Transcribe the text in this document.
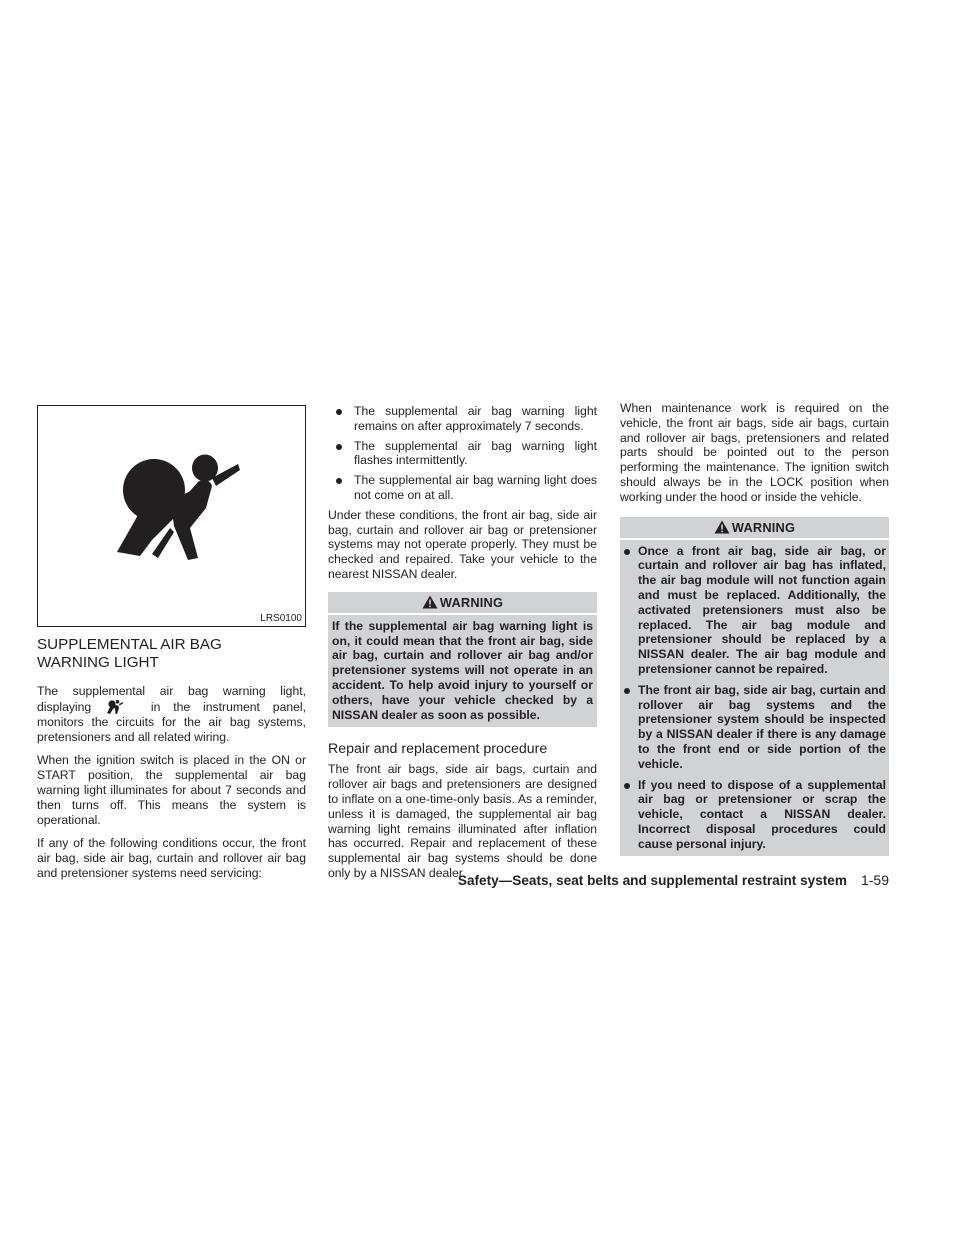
LRS0100
SUPPLEMENTAL AIR BAG
WARNING LIGHT

The supplemental air bag warning light, displaying	in the instrument panel, monitors the circuits for the air bag systems, pretensioners and all related wiring.

When the ignition switch is placed in the ON or START position, the supplemental air bag warning light illuminates for about 7 seconds and then turns off. This means the system is operational.

If any of the following conditions occur, the front air bag, side air bag, curtain and rollover air bag and pretensioner systems need servicing:

The supplemental air bag warning light remains on after approximately 7 seconds.
The supplemental air bag warning light flashes intermittently.
The supplemental air bag warning light does not come on at all.

Under these conditions, the front air bag, side air bag, curtain and rollover air bag or pretensioner systems may not operate properly. They must be checked and repaired. Take your vehicle to the nearest NISSAN dealer.

WARNING
If the supplemental air bag warning light is on, it could mean that the front air bag, side air bag, curtain and rollover air bag and/or pretensioner systems will not operate in an accident. To help avoid injury to yourself or others, have your vehicle checked by a NISSAN dealer as soon as possible.
Repair and replacement procedure

The front air bags, side air bags, curtain and rollover air bags and pretensioners are designed to inflate on a one-time-only basis. As a reminder, unless it is damaged, the supplemental air bag warning light remains illuminated after inflation has occurred. Repair and replacement of these supplemental air bag systems should be done only by a NISSAN dealer.

When maintenance work is required on the vehicle, the front air bags, side air bags, curtain and rollover air bags, pretensioners and related parts should be pointed out to the person performing the maintenance. The ignition switch should always be in the LOCK position when working under the hood or inside the vehicle.

WARNING
Once a front air bag, side air bag, or curtain and rollover air bag has inflated, the air bag module will not function again and must be replaced. Additionally, the activated pretensioners must also be replaced. The air bag module and pretensioner should be replaced by a NISSAN dealer. The air bag module and pretensioner cannot be repaired.
The front air bag, side air bag, curtain and rollover air bag systems and the pretensioner system should be inspected by a NISSAN dealer if there is any damage to the front end or side portion of the vehicle.
If you need to dispose of a supplemental air bag or pretensioner or scrap the vehicle, contact a NISSAN dealer. Incorrect disposal procedures could cause personal injury.
Safety—Seats, seat belts and supplemental restraint system 1-59
